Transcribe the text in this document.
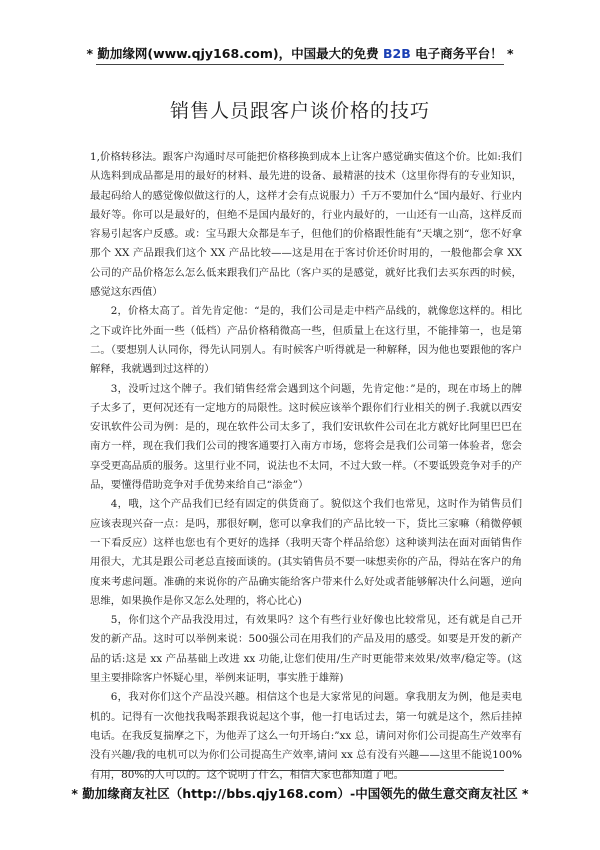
* 勤加缘网(www.qjy168.com)，中国最大的免费 B2B 电子商务平台！ *
销售人员跟客户谈价格的技巧

1,价格转移法。跟客户沟通时尽可能把价格移换到成本上让客户感觉确实值这个价。比如:我们从选料到成品都是用的最好的材料、最先进的设备、最精湛的技术（这里你得有的专业知识，最起码给人的感觉像似做这行的人，这样才会有点说服力）千万不要加什么“国内最好、行业内最好等。你可以是最好的，但绝不是国内最好的，行业内最好的，一山还有一山高，这样反而容易引起客户反感。或：宝马跟大众都是车子，但他们的价格跟性能有”天壤之别“，您不好拿那个 XX 产品跟我们这个 XX 产品比较——这是用在于客讨价还价时用的，一般他都会拿 XX 公司的产品价格怎么怎么低来跟我们产品比（客户买的是感觉，就好比我们去买东西的时候，感觉这东西值）

2，价格太高了。首先肯定他：“是的，我们公司是走中档产品线的，就像您这样的。相比之下或许比外面一些（低档）产品价格稍微高一些，但质量上在这行里，不能排第一，也是第二。（要想别人认同你，得先认同别人。有时候客户听得就是一种解释，因为他也要跟他的客户解释，我就遇到过这样的）

3，没听过这个牌子。我们销售经常会遇到这个问题，先肯定他：”是的，现在市场上的牌子太多了，更何况还有一定地方的局限性。这时候应该举个跟你们行业相关的例子.我就以西安安讯软件公司为例：是的，现在软件公司太多了，我们安讯软件公司在北方就好比阿里巴巴在南方一样，现在我们我们公司的搜客通要打入南方市场，您将会是我们公司第一体验者，您会享受更高品质的服务。这里行业不同，说法也不太同，不过大致一样。（不要诋毁竞争对手的产品，要懂得借助竞争对手优势来给自己“添金”）

4，哦，这个产品我们已经有固定的供货商了。貌似这个我们也常见，这时作为销售员们应该表现兴奋一点：是吗，那很好啊，您可以拿我们的产品比较一下，货比三家嘛（稍微停顿一下看反应）这样也您也有个更好的选择（我明天寄个样品给您）这种谈判法在面对面销售作用很大，尤其是跟公司老总直接面谈的。(其实销售员不要一味想卖你的产品，得站在客户的角度来考虑问题。准确的来说你的产品确实能给客户带来什么好处或者能够解决什么问题，逆向思维，如果换作是你又怎么处理的，将心比心)

5，你们这个产品我没用过，有效果吗？这个有些行业好像也比较常见，还有就是自己开发的新产品。这时可以举例来说：500强公司在用我们的产品及用的感受。如要是开发的新产品的话:这是 xx 产品基础上改进 xx 功能,让您们使用/生产时更能带来效果/效率/稳定等。(这里主要排除客户怀疑心里，举例来证明，事实胜于雄辩)

6，我对你们这个产品没兴趣。相信这个也是大家常见的问题。拿我朋友为例，他是卖电机的。记得有一次他找我喝茶跟我说起这个事，他一打电话过去，第一句就是这个，然后挂掉电话。在我反复揣摩之下，为他弄了这么一句开场白:”xx 总，请问对你们公司提高生产效率有没有兴趣/我的电机可以为你们公司提高生产效率,请问 xx 总有没有兴趣——这里不能说100%有用，80%的人可以的。这个说明了什么，相信大家也都知道了吧。

* 勤加缘商友社区（http://bbs.qjy168.com）-中国领先的做生意交商友社区 *
